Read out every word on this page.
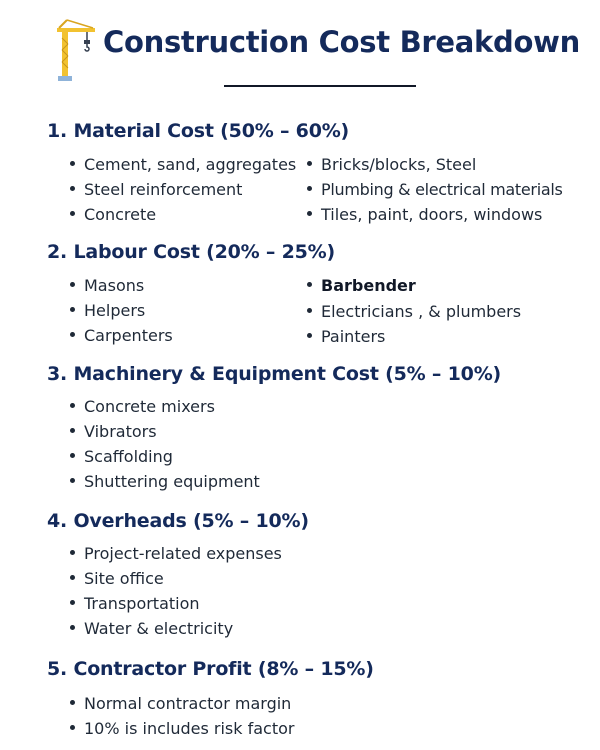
Construction Cost Breakdown
1. Material Cost (50% – 60%)
Cement, sand, aggregates
Steel reinforcement
Concrete
Bricks/blocks, Steel
Plumbing & electrical materials
Tiles, paint, doors, windows
2. Labour Cost (20% – 25%)
Masons
Helpers
Carpenters
Barbender
Electricians , & plumbers
Painters
3. Machinery & Equipment Cost (5% – 10%)
Concrete mixers
Vibrators
Scaffolding
Shuttering equipment
4. Overheads (5% – 10%)
Project-related expenses
Site office
Transportation
Water & electricity
5. Contractor Profit (8% – 15%)
Normal contractor margin
10% is includes risk factor
